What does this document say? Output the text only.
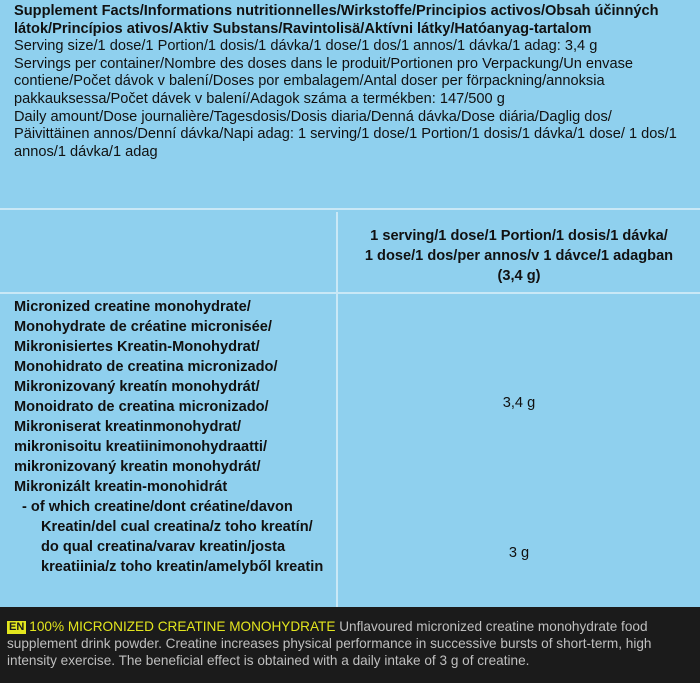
Supplement Facts/Informations nutritionnelles/Wirkstoffe/Principios activos/Obsah účinných látok/Princípios ativos/Aktiv Substans/Ravintolisä/Aktívni látky/Hatóanyag-tartalom

Serving size/1 dose/1 Portion/1 dosis/1 dávka/1 dose/1 dos/1 annos/1 dávka/1 adag: 3,4 g

Servings per container/Nombre des doses dans le produit/Portionen pro Verpackung/Un envase contiene/Počet dávok v balení/Doses por embalagem/Antal doser per förpackning/annoksia pakkauksessa/Počet dávek v balení/Adagok száma a termékben: 147/500 g

Daily amount/Dose journalière/Tagesdosis/Dosis diaria/Denná dávka/Dose diária/Daglig dos/ Päivittäinen annos/Denní dávka/Napi adag: 1 serving/1 dose/1 Portion/1 dosis/1 dávka/1 dose/ 1 dos/1 annos/1 dávka/1 adag

1 serving/1 dose/1 Portion/1 dosis/1 dávka/
1 dose/1 dos/per annos/v 1 dávce/1 adagban
(3,4 g)
Micronized creatine monohydrate/
Monohydrate de créatine micronisée/
Mikronisiertes Kreatin-Monohydrat/
Monohidrato de creatina micronizado/
Mikronizovaný kreatín monohydrát/
Monoidrato de creatina micronizado/
Mikroniserat kreatinmonohydrat/
mikronisoitu kreatiinimonohydraatti/
mikronizovaný kreatin monohydrát/
Mikronizált kreatin-monohidrát
- of which creatine/dont créatine/davon
Kreatin/del cual creatina/z toho kreatín/
do qual creatina/varav kreatin/josta
kreatiinia/z toho kreatin/amelyből kreatin
3,4 g
3 g
EN 100% MICRONIZED CREATINE MONOHYDRATE Unflavoured micronized creatine monohydrate food supplement drink powder. Creatine increases physical performance in successive bursts of short-term, high intensity exercise. The beneficial effect is obtained with a daily intake of 3 g of creatine.
